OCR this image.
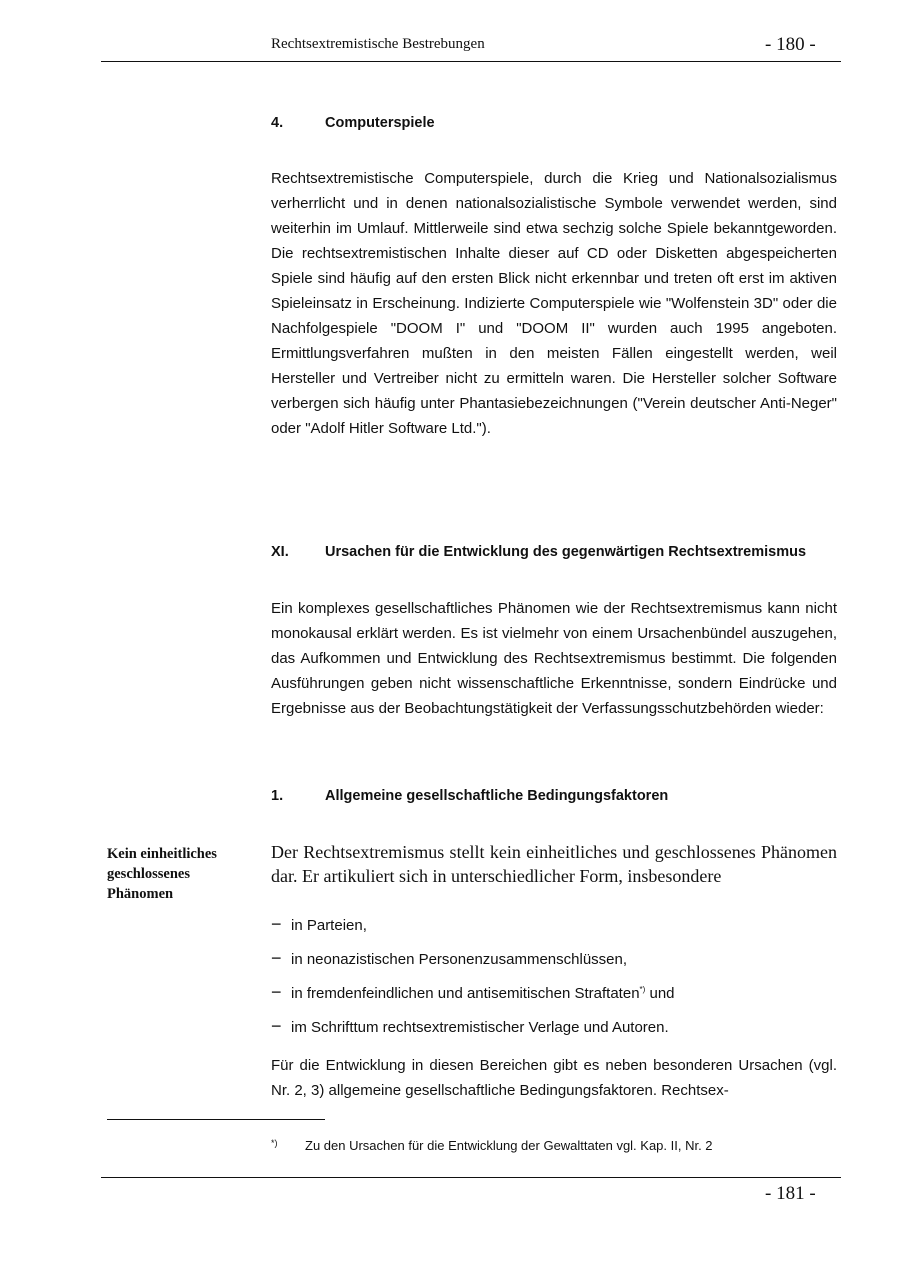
Rechtsextremistische Bestrebungen	- 180 -
4.	Computerspiele

Rechtsextremistische Computerspiele, durch die Krieg und Nationalsozialismus verherrlicht und in denen nationalsozialistische Symbole verwendet werden, sind weiterhin im Umlauf. Mittlerweile sind etwa sechzig solche Spiele bekanntgeworden. Die rechtsextremistischen Inhalte dieser auf CD oder Disketten abgespeicherten Spiele sind häufig auf den ersten Blick nicht erkennbar und treten oft erst im aktiven Spieleinsatz in Erscheinung. Indizierte Computerspiele wie "Wolfenstein 3D" oder die Nachfolgespiele "DOOM I" und "DOOM II" wurden auch 1995 angeboten. Ermittlungsverfahren mußten in den meisten Fällen eingestellt werden, weil Hersteller und Vertreiber nicht zu ermitteln waren. Die Hersteller solcher Software verbergen sich häufig unter Phantasiebezeichnungen ("Verein deutscher Anti-Neger" oder "Adolf Hitler Software Ltd.").

XI.	Ursachen für die Entwicklung des gegenwärtigen Rechtsextremismus

Ein komplexes gesellschaftliches Phänomen wie der Rechtsextremismus kann nicht monokausal erklärt werden. Es ist vielmehr von einem Ursachenbündel auszugehen, das Aufkommen und Entwicklung des Rechtsextremismus bestimmt. Die folgenden Ausführungen geben nicht wissenschaftliche Erkenntnisse, sondern Eindrücke und Ergebnisse aus der Beobachtungstätigkeit der Verfassungsschutzbehörden wieder:

1.	Allgemeine gesellschaftliche Bedingungsfaktoren
Kein einheitliches geschlossenes Phänomen

Der Rechtsextremismus stellt kein einheitliches und geschlossenes Phänomen dar. Er artikuliert sich in unterschiedlicher Form, insbesondere

− in Parteien,
− in neonazistischen Personenzusammenschlüssen,
− in fremdenfeindlichen und antisemitischen Straftaten*) und
− im Schrifttum rechtsextremistischer Verlage und Autoren.

Für die Entwicklung in diesen Bereichen gibt es neben besonderen Ursachen (vgl. Nr. 2, 3) allgemeine gesellschaftliche Bedingungsfaktoren. Rechtsex-

*) Zu den Ursachen für die Entwicklung der Gewalttaten vgl. Kap. II, Nr. 2
- 181 -
